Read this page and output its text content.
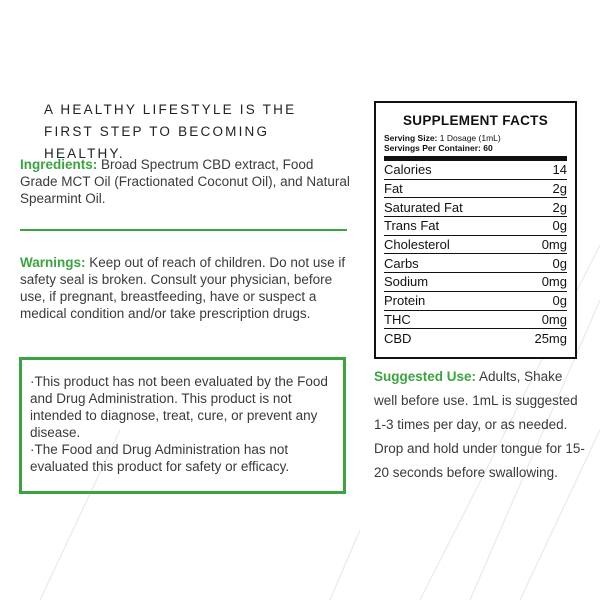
A HEALTHY LIFESTYLE IS THE FIRST STEP TO BECOMING HEALTHY.
Ingredients: Broad Spectrum CBD extract, Food Grade MCT Oil (Fractionated Coconut Oil), and Natural Spearmint Oil.
Warnings: Keep out of reach of children. Do not use if safety seal is broken. Consult your physician, before use, if pregnant, breastfeeding, have or suspect a medical condition and/or take prescription drugs.

·This product has not been evaluated by the Food and Drug Administration. This product is not intended to diagnose, treat, cure, or prevent any disease.

·The Food and Drug Administration has not evaluated this product for safety or efficacy.

SUPPLEMENT FACTS
Serving Size: 1 Dosage (1mL)
Servings Per Container: 60
Calories	14
Fat	2g
Saturated Fat	2g
Trans Fat	0g
Cholesterol	0mg
Carbs	0g
Sodium	0mg
Protein	0g
THC	0mg
CBD	25mg
Suggested Use: Adults, Shake well before use. 1mL is suggested 1-3 times per day, or as needed. Drop and hold under tongue for 15-20 seconds before swallowing.
